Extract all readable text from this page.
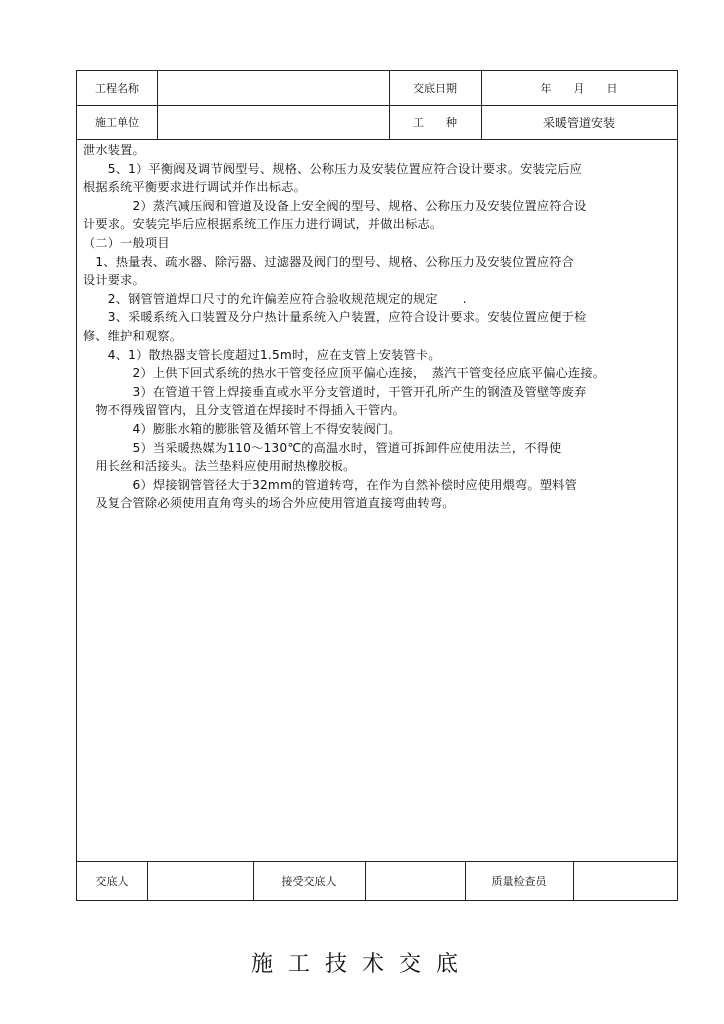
工程名称	交底日期	年　　月　　日
施工单位	工　　种	采暖管道安装

泄水装置。

　　5、1）平衡阀及调节阀型号、规格、公称压力及安装位置应符合设计要求。安装完后应

根据系统平衡要求进行调试并作出标志。

　　　　2）蒸汽减压阀和管道及设备上安全阀的型号、规格、公称压力及安装位置应符合设

计要求。安装完毕后应根据系统工作压力进行调试，并做出标志。

（二）一般项目

　1、热量表、疏水器、除污器、过滤器及阀门的型号、规格、公称压力及安装位置应符合

设计要求。

　　2、钢管管道焊口尺寸的允许偏差应符合验收规范规定的规定　　.

　　3、采暖系统入口装置及分户热计量系统入户装置，应符合设计要求。安装位置应便于检

修、维护和观察。

　　4、1）散热器支管长度超过1.5m时，应在支管上安装管卡。

　　　　2）上供下回式系统的热水干管变径应顶平偏心连接，　蒸汽干管变径应底平偏心连接。

　　　　3）在管道干管上焊接垂直或水平分支管道时，干管开孔所产生的钢渣及管壁等废弃

　物不得残留管内，且分支管道在焊接时不得插入干管内。

　　　　4）膨胀水箱的膨胀管及循环管上不得安装阀门。

　　　　5）当采暖热媒为110～130℃的高温水时，管道可拆卸件应使用法兰，不得使

　用长丝和活接头。法兰垫料应使用耐热橡胶板。

　　　　6）焊接钢管管径大于32mm的管道转弯，在作为自然补偿时应使用煨弯。塑料管

　及复合管除必须使用直角弯头的场合外应使用管道直接弯曲转弯。

交底人	接受交底人	质量检查员
施工技术交底
